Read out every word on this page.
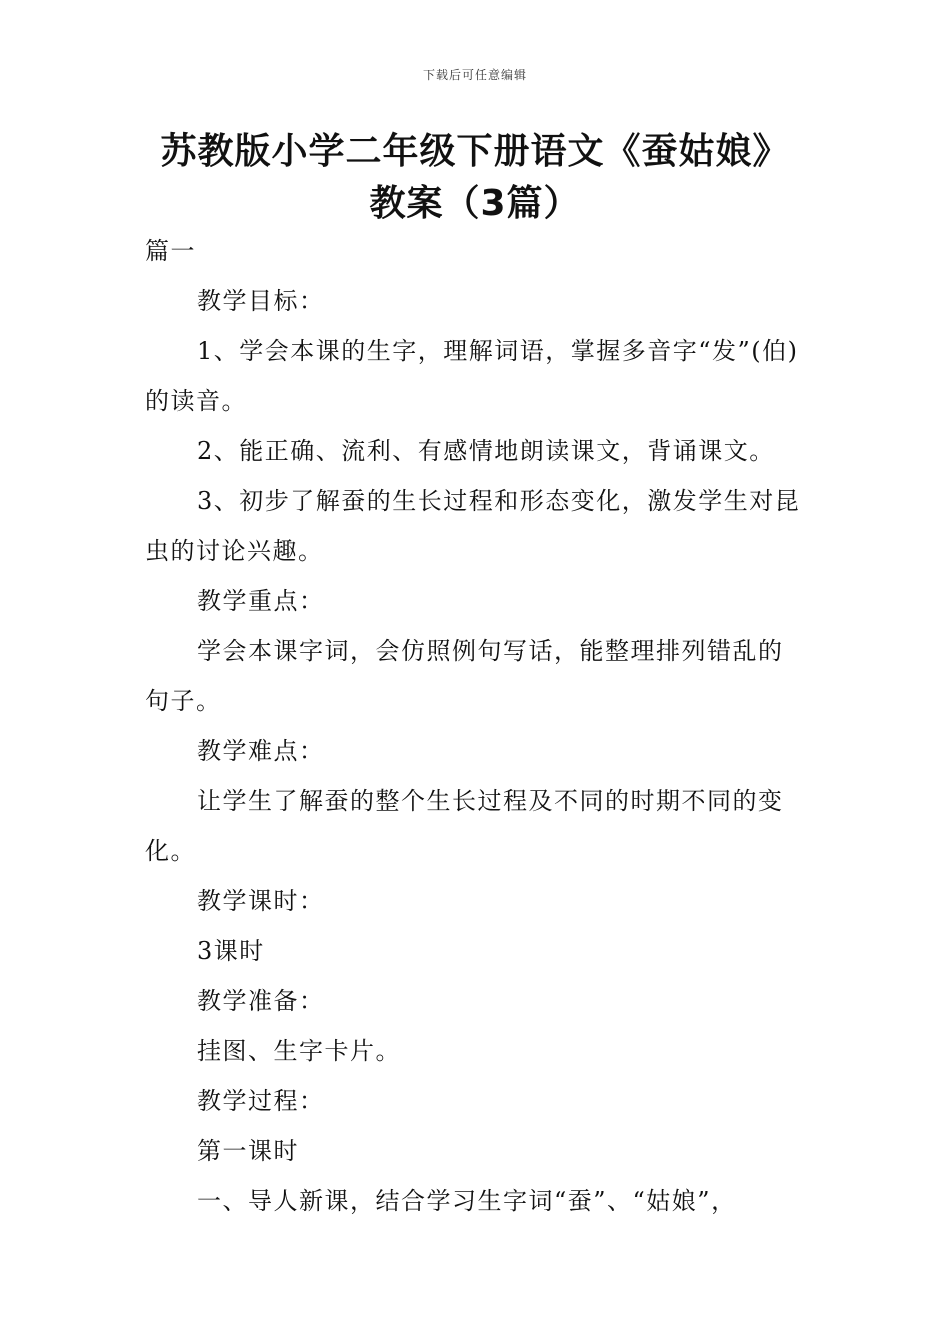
下载后可任意编辑
苏教版小学二年级下册语文《蚕姑娘》教案（3篇）

篇一

教学目标：

1、学会本课的生字，理解词语，掌握多音字“发”(伯)的读音。

2、能正确、流利、有感情地朗读课文，背诵课文。

3、初步了解蚕的生长过程和形态变化，激发学生对昆虫的讨论兴趣。

教学重点：

学会本课字词，会仿照例句写话，能整理排列错乱的句子。

教学难点：

让学生了解蚕的整个生长过程及不同的时期不同的变化。

教学课时：

3课时

教学准备：

挂图、生字卡片。

教学过程：

第一课时

一、导人新课，结合学习生字词“蚕”、“姑娘”，
